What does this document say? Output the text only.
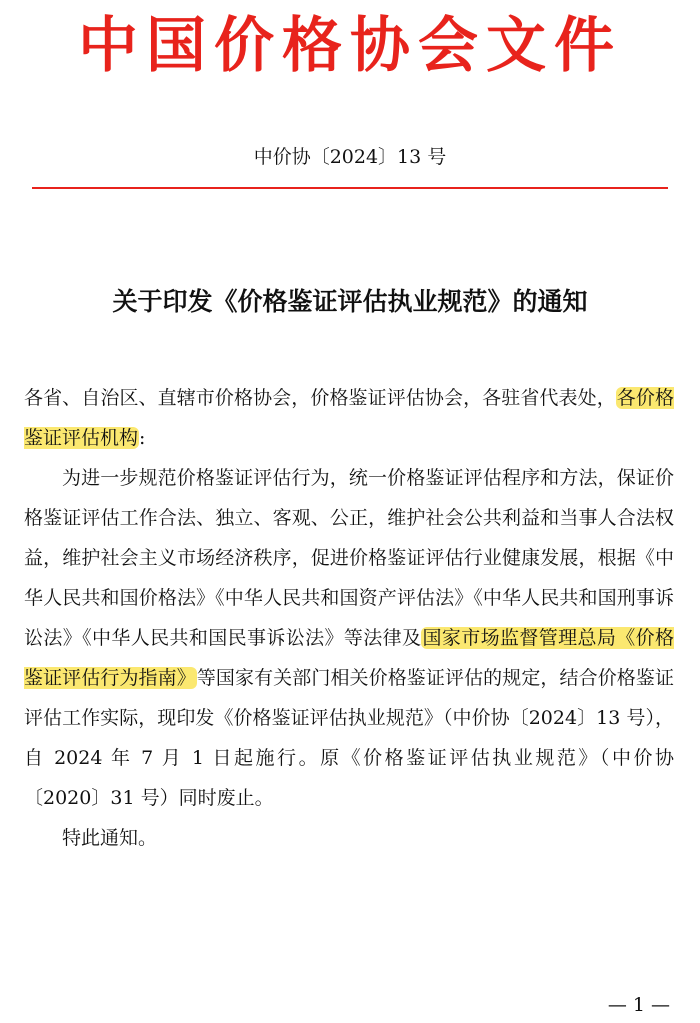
中国价格协会文件
中价协〔2024〕13 号
关于印发《价格鉴证评估执业规范》的通知

各省、自治区、直辖市价格协会，价格鉴证评估协会，各驻省代表处，各价格鉴证评估机构:

为进一步规范价格鉴证评估行为，统一价格鉴证评估程序和方法，保证价格鉴证评估工作合法、独立、客观、公正，维护社会公共利益和当事人合法权益，维护社会主义市场经济秩序，促进价格鉴证评估行业健康发展，根据《中华人民共和国价格法》《中华人民共和国资产评估法》《中华人民共和国刑事诉讼法》《中华人民共和国民事诉讼法》等法律及国家市场监督管理总局《价格鉴证评估行为指南》等国家有关部门相关价格鉴证评估的规定，结合价格鉴证评估工作实际，现印发《价格鉴证评估执业规范》（中价协〔2024〕13 号），自 2024 年 7 月 1 日起施行。原《价格鉴证评估执业规范》（中价协〔2020〕31 号）同时废止。

特此通知。

— 1 —
